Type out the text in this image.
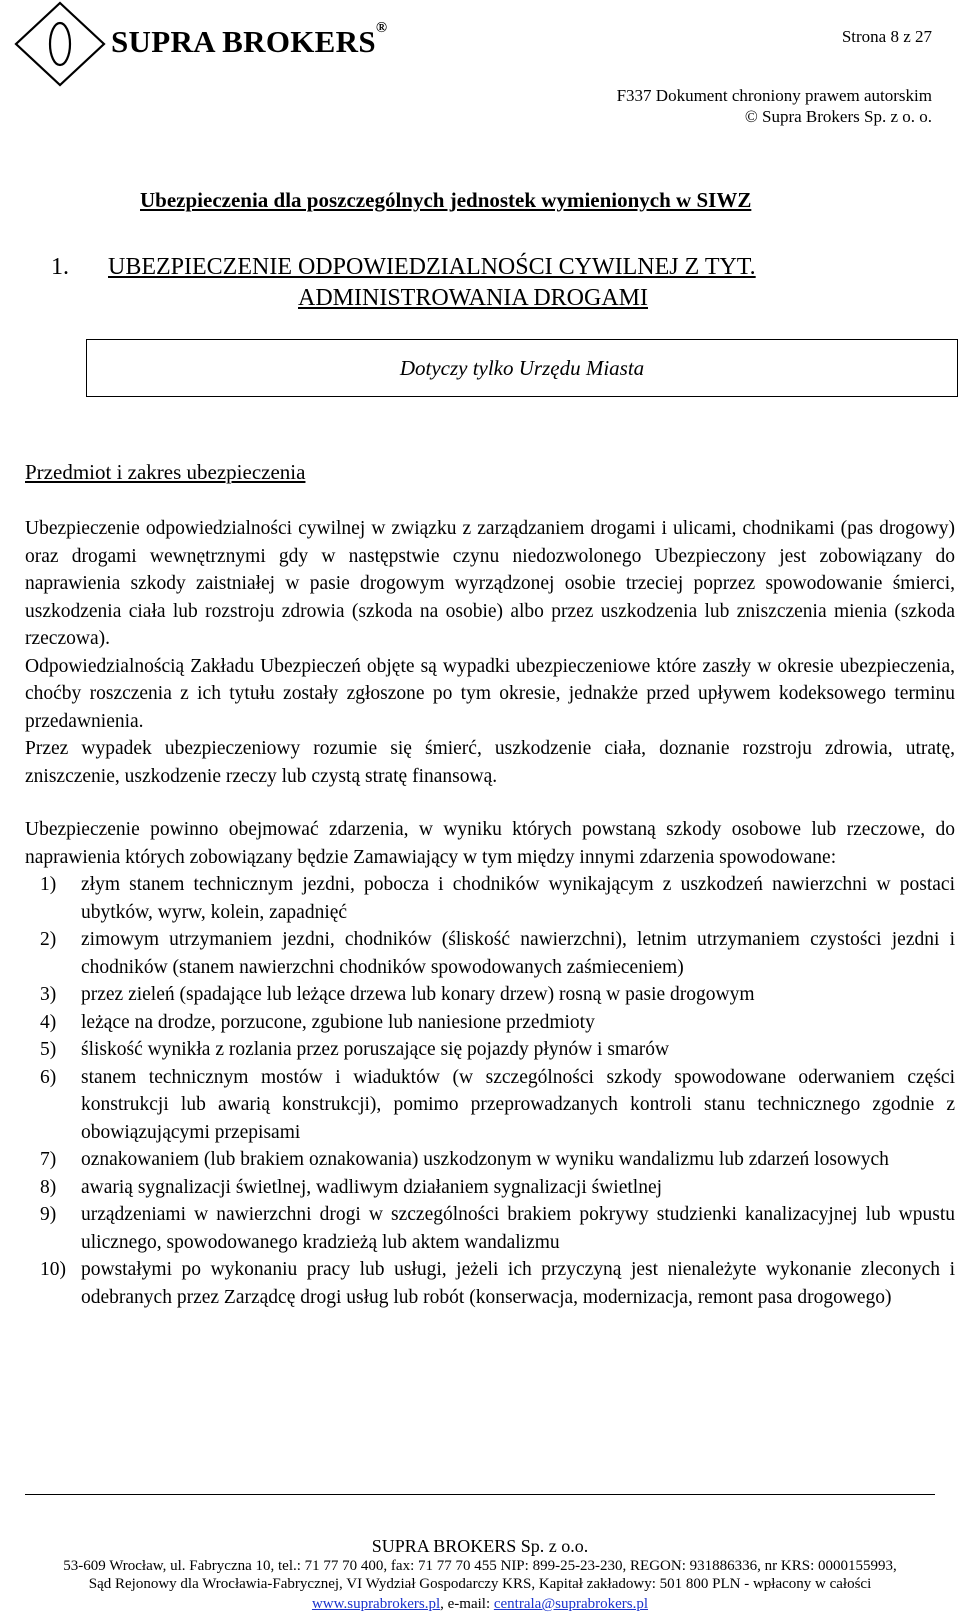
SUPRA BROKERS®	Strona 8 z 27
F337 Dokument chroniony prawem autorskim
© Supra Brokers Sp. z o. o.
Ubezpieczenia dla poszczególnych jednostek wymienionych w SIWZ
1. UBEZPIECZENIE ODPOWIEDZIALNOŚCI CYWILNEJ Z TYT.
ADMINISTROWANIA DROGAMI
Dotyczy tylko Urzędu Miasta
Przedmiot i zakres ubezpieczenia

Ubezpieczenie odpowiedzialności cywilnej w związku z zarządzaniem drogami i ulicami, chodnikami (pas drogowy) oraz drogami wewnętrznymi gdy w następstwie czynu niedozwolonego Ubezpieczony jest zobowiązany do naprawienia szkody zaistniałej w pasie drogowym wyrządzonej osobie trzeciej poprzez spowodowanie śmierci, uszkodzenia ciała lub rozstroju zdrowia (szkoda na osobie) albo przez uszkodzenia lub zniszczenia mienia (szkoda rzeczowa).

Odpowiedzialnością Zakładu Ubezpieczeń objęte są wypadki ubezpieczeniowe które zaszły w okresie ubezpieczenia, choćby roszczenia z ich tytułu zostały zgłoszone po tym okresie, jednakże przed upływem kodeksowego terminu przedawnienia.

Przez wypadek ubezpieczeniowy rozumie się śmierć, uszkodzenie ciała, doznanie rozstroju zdrowia, utratę, zniszczenie, uszkodzenie rzeczy lub czystą stratę finansową.

Ubezpieczenie powinno obejmować zdarzenia, w wyniku których powstaną szkody osobowe lub rzeczowe, do naprawienia których zobowiązany będzie Zamawiający w tym między innymi zdarzenia spowodowane:

1) złym stanem technicznym jezdni, pobocza i chodników wynikającym z uszkodzeń nawierzchni w postaci ubytków, wyrw, kolein, zapadnięć
2) zimowym utrzymaniem jezdni, chodników (śliskość nawierzchni), letnim utrzymaniem czystości jezdni i chodników (stanem nawierzchni chodników spowodowanych zaśmieceniem)
3) przez zieleń (spadające lub leżące drzewa lub konary drzew) rosną w pasie drogowym
4) leżące na drodze, porzucone, zgubione lub naniesione przedmioty
5) śliskość wynikła z rozlania przez poruszające się pojazdy płynów i smarów
6) stanem technicznym mostów i wiaduktów (w szczególności szkody spowodowane oderwaniem części konstrukcji lub awarią konstrukcji), pomimo przeprowadzanych kontroli stanu technicznego zgodnie z obowiązującymi przepisami
7) oznakowaniem (lub brakiem oznakowania) uszkodzonym w wyniku wandalizmu lub zdarzeń losowych
8) awarią sygnalizacji świetlnej, wadliwym działaniem sygnalizacji świetlnej
9) urządzeniami w nawierzchni drogi w szczególności brakiem pokrywy studzienki kanalizacyjnej lub wpustu ulicznego, spowodowanego kradzieżą lub aktem wandalizmu
10) powstałymi po wykonaniu pracy lub usługi, jeżeli ich przyczyną jest nienależyte wykonanie zleconych i odebranych przez Zarządcę drogi usług lub robót (konserwacja, modernizacja, remont pasa drogowego)
SUPRA BROKERS Sp. z o.o.
53-609 Wrocław, ul. Fabryczna 10, tel.: 71 77 70 400, fax: 71 77 70 455 NIP: 899-25-23-230, REGON: 931886336, nr KRS: 0000155993,
Sąd Rejonowy dla Wrocławia-Fabrycznej, VI Wydział Gospodarczy KRS, Kapitał zakładowy: 501 800 PLN - wpłacony w całości
www.suprabrokers.pl, e-mail: centrala@suprabrokers.pl
